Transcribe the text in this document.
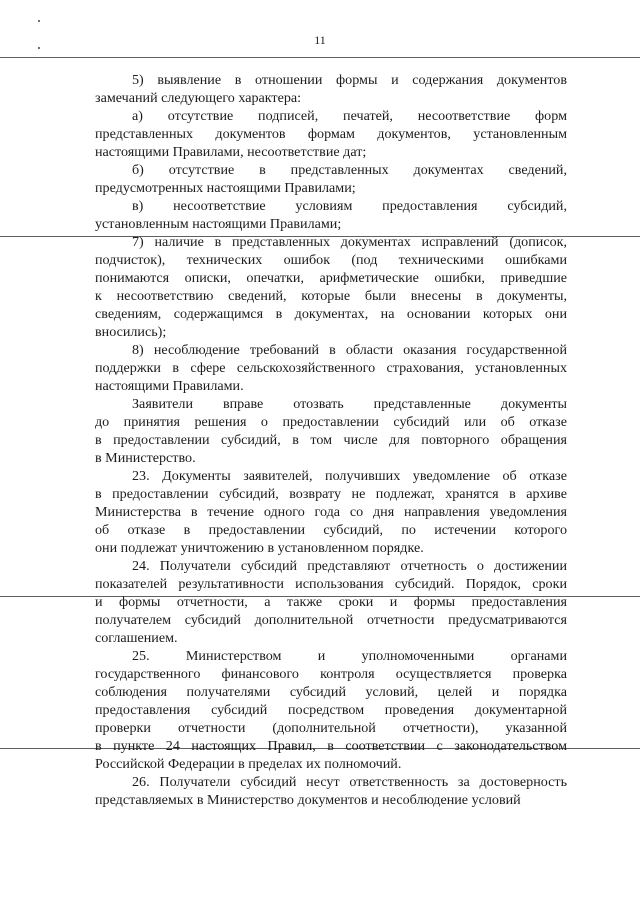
11
5) выявление в отношении формы и содержания документов
замечаний следующего характера:
а) отсутствие подписей, печатей, несоответствие форм
представленных документов формам документов, установленным
настоящими Правилами, несоответствие дат;
б) отсутствие в представленных документах сведений,
предусмотренных настоящими Правилами;
в) несоответствие условиям предоставления субсидий,
установленным настоящими Правилами;
7) наличие в представленных документах исправлений (дописок,
подчисток), технических ошибок (под техническими ошибками
понимаются описки, опечатки, арифметические ошибки, приведшие
к несоответствию сведений, которые были внесены в документы,
сведениям, содержащимся в документах, на основании которых они
вносились);
8) несоблюдение требований в области оказания государственной
поддержки в сфере сельскохозяйственного страхования, установленных
настоящими Правилами.
Заявители вправе отозвать представленные документы
до принятия решения о предоставлении субсидий или об отказе
в предоставлении субсидий, в том числе для повторного обращения
в Министерство.
23. Документы заявителей, получивших уведомление об отказе
в предоставлении субсидий, возврату не подлежат, хранятся в архиве
Министерства в течение одного года со дня направления уведомления
об отказе в предоставлении субсидий, по истечении которого
они подлежат уничтожению в установленном порядке.
24. Получатели субсидий представляют отчетность о достижении
показателей результативности использования субсидий. Порядок, сроки
и формы отчетности, а также сроки и формы предоставления
получателем субсидий дополнительной отчетности предусматриваются
соглашением.
25. Министерством и уполномоченными органами
государственного финансового контроля осуществляется проверка
соблюдения получателями субсидий условий, целей и порядка
предоставления субсидий посредством проведения документарной
проверки отчетности (дополнительной отчетности), указанной
в пункте 24 настоящих Правил, в соответствии с законодательством
Российской Федерации в пределах их полномочий.
26. Получатели субсидий несут ответственность за достоверность
представляемых в Министерство документов и несоблюдение условий
